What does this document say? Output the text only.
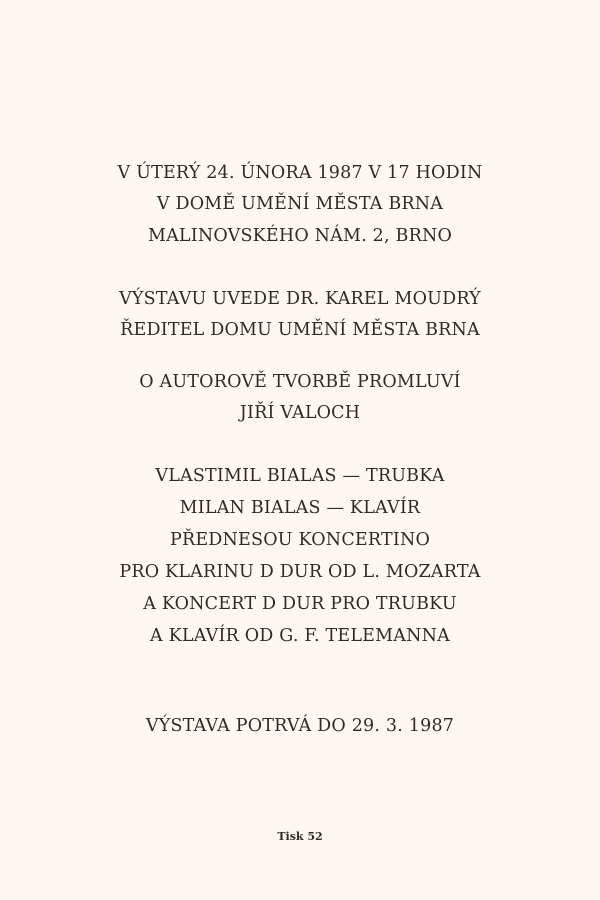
V ÚTERÝ 24. ÚNORA 1987 V 17 HODIN
V DOMĚ UMĚNÍ MĚSTA BRNA
MALINOVSKÉHO NÁM. 2, BRNO
VÝSTAVU UVEDE DR. KAREL MOUDRÝ
ŘEDITEL DOMU UMĚNÍ MĚSTA BRNA
O AUTOROVĚ TVORBĚ PROMLUVÍ
JIŘÍ VALOCH
VLASTIMIL BIALAS — TRUBKA
MILAN BIALAS — KLAVÍR
PŘEDNESOU KONCERTINO
PRO KLARINU D DUR OD L. MOZARTA
A KONCERT D DUR PRO TRUBKU
A KLAVÍR OD G. F. TELEMANNA
VÝSTAVA POTRVÁ DO 29. 3. 1987
Tisk 52
